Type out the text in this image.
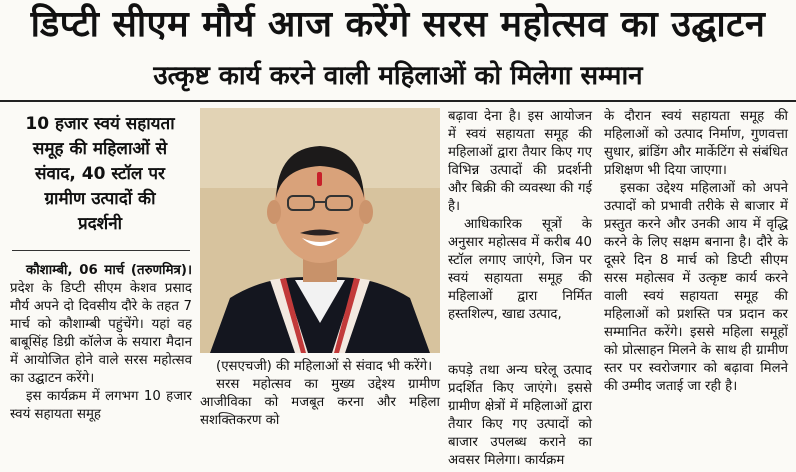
डिप्टी सीएम मौर्य आज करेंगे सरस महोत्सव का उद्घाटन
उत्कृष्ट कार्य करने वाली महिलाओं को मिलेगा सम्मान
10 हजार स्वयं सहायता
समूह की महिलाओं से
संवाद, 40 स्टॉल पर
ग्रामीण उत्पादों की
प्रदर्शनी

कौशाम्बी, 06 मार्च (तरुणमित्र)। प्रदेश के डिप्टी सीएम केशव प्रसाद मौर्य अपने दो दिवसीय दौरे के तहत 7 मार्च को कौशाम्बी पहुंचेंगे। यहां वह बाबूसिंह डिग्री कॉलेज के सयारा मैदान में आयोजित होने वाले सरस महोत्सव का उद्घाटन करेंगे।

इस कार्यक्रम में लगभग 10 हजार स्वयं सहायता समूह

(एसएचजी) की महिलाओं से संवाद भी करेंगे।

सरस महोत्सव का मुख्य उद्देश्य ग्रामीण आजीविका को मजबूत करना और महिला सशक्तिकरण को

बढ़ावा देना है। इस आयोजन में स्वयं सहायता समूह की महिलाओं द्वारा तैयार किए गए विभिन्न उत्पादों की प्रदर्शनी और बिक्री की व्यवस्था की गई है।

आधिकारिक सूत्रों के अनुसार महोत्सव में करीब 40 स्टॉल लगाए जाएंगे, जिन पर स्वयं सहायता समूह की महिलाओं द्वारा निर्मित हस्तशिल्प, खाद्य उत्पाद,

कपड़े तथा अन्य घरेलू उत्पाद प्रदर्शित किए जाएंगे। इससे ग्रामीण क्षेत्रों में महिलाओं द्वारा तैयार किए गए उत्पादों को बाजार उपलब्ध कराने का अवसर मिलेगा। कार्यक्रम

के दौरान स्वयं सहायता समूह की महिलाओं को उत्पाद निर्माण, गुणवत्ता सुधार, ब्रांडिंग और मार्केटिंग से संबंधित प्रशिक्षण भी दिया जाएगा।

इसका उद्देश्य महिलाओं को अपने उत्पादों को प्रभावी तरीके से बाजार में प्रस्तुत करने और उनकी आय में वृद्धि करने के लिए सक्षम बनाना है। दौरे के दूसरे दिन 8 मार्च को डिप्टी सीएम सरस महोत्सव में उत्कृष्ट कार्य करने वाली स्वयं सहायता समूह की महिलाओं को प्रशस्ति पत्र प्रदान कर सम्मानित करेंगे। इससे महिला समूहों को प्रोत्साहन मिलने के साथ ही ग्रामीण स्तर पर स्वरोजगार को बढ़ावा मिलने की उम्मीद जताई जा रही है।
